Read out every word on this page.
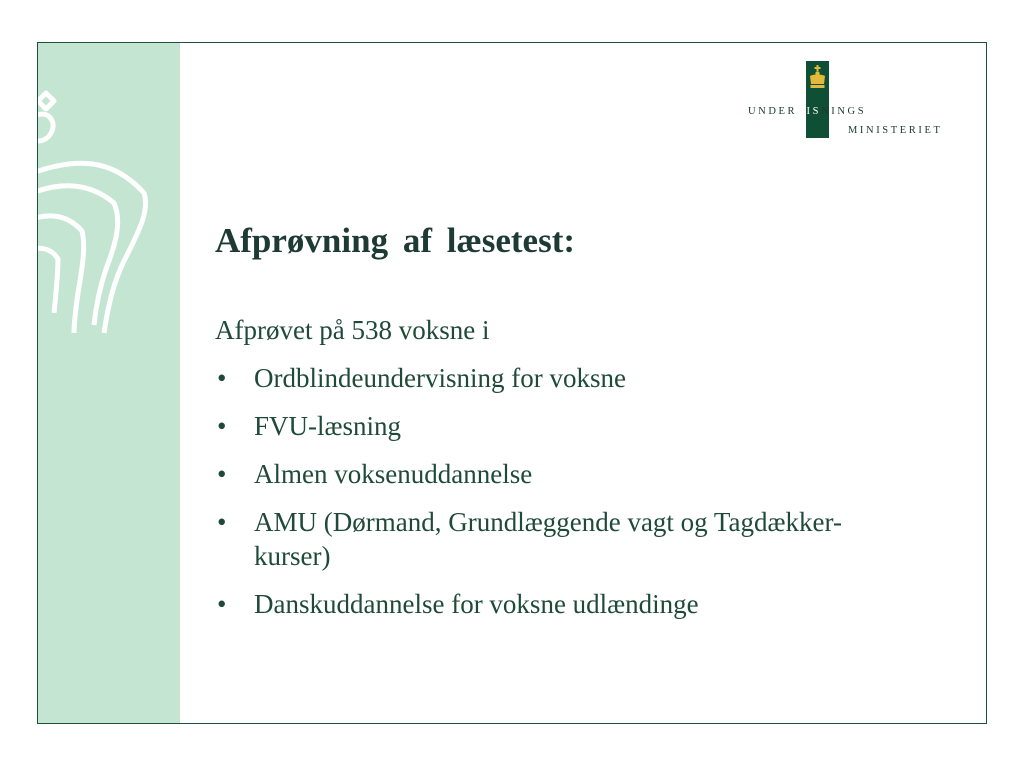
UNDERVISNINGS
MINISTERIET
Afprøvning af læsetest:

Afprøvet på 538 voksne i

• Ordblindeundervisning for voksne
• FVU-læsning
• Almen voksenuddannelse
• AMU (Dørmand, Grundlæggende vagt og Tagdækker-kurser)
• Danskuddannelse for voksne udlændinge
